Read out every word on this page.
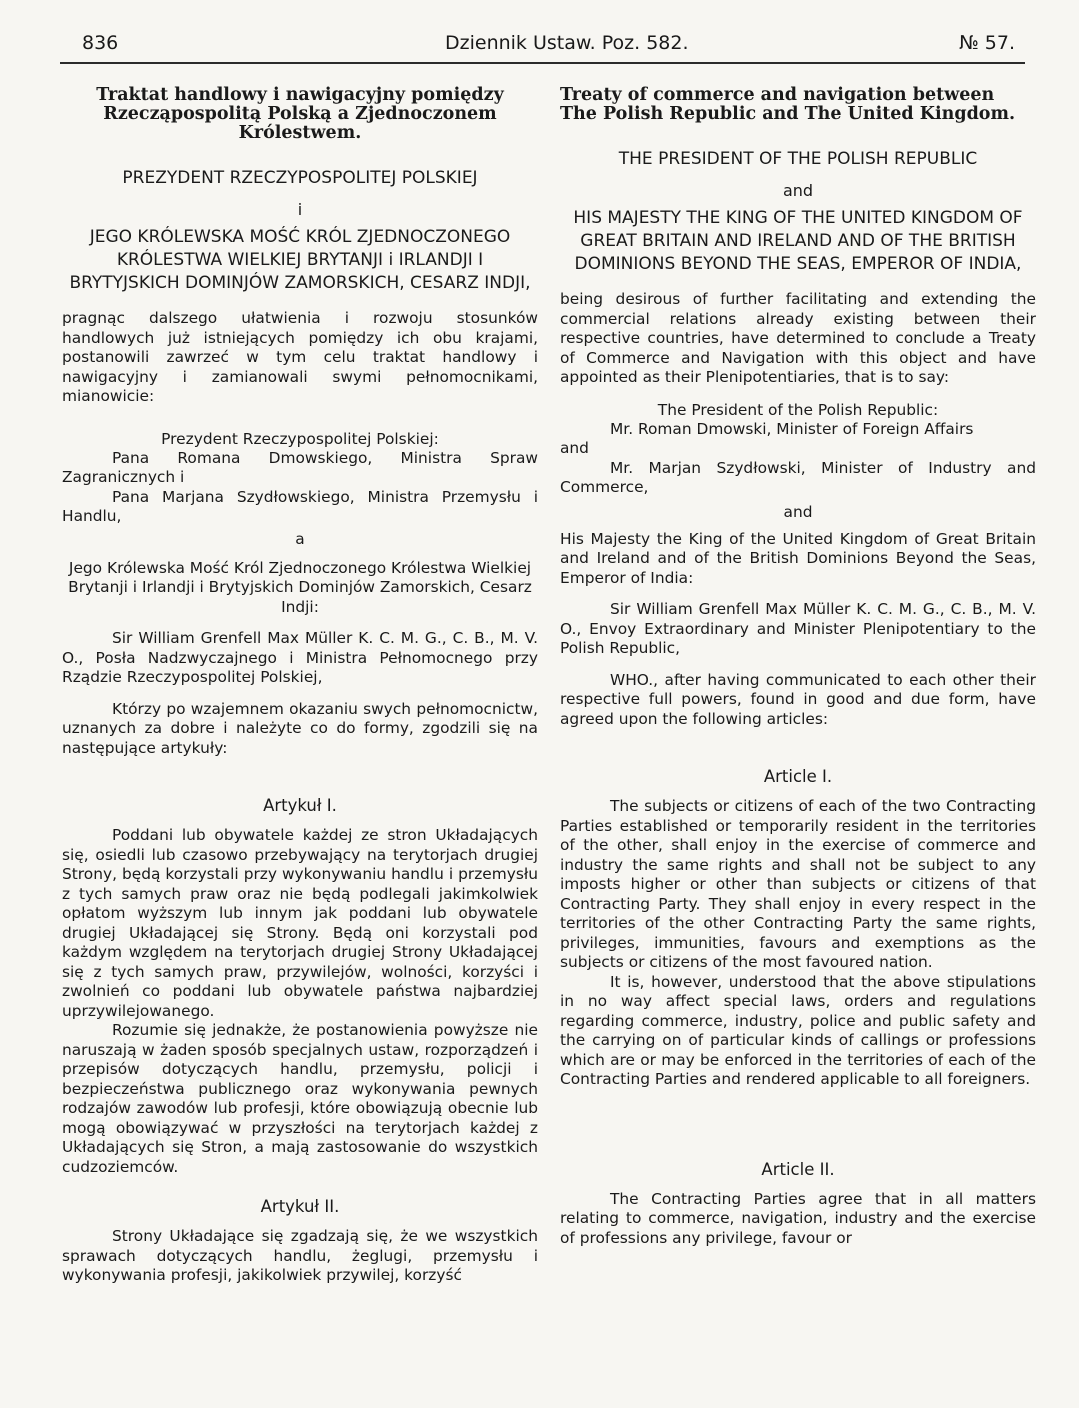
836	Dziennik Ustaw. Poz. 582.	№ 57.

Traktat handlowy i nawigacyjny pomiędzy Rzecząpospolitą Polską a Zjednoczonem Królestwem.

PREZYDENT RZECZYPOSPOLITEJ POLSKIEJ

i

JEGO KRÓLEWSKA MOŚĆ KRÓL ZJEDNOCZONEGO KRÓLESTWA WIELKIEJ BRYTANJI i IRLANDJI I BRYTYJSKICH DOMINJÓW ZAMORSKICH, CESARZ INDJI,

pragnąc dalszego ułatwienia i rozwoju stosunków handlowych już istniejących pomiędzy ich obu krajami, postanowili zawrzeć w tym celu traktat handlowy i nawigacyjny i zamianowali swymi pełnomocnikami, mianowicie:

Prezydent Rzeczypospolitej Polskiej:

Pana Romana Dmowskiego, Ministra Spraw Zagranicznych i

Pana Marjana Szydłowskiego, Ministra Przemysłu i Handlu,

a

Jego Królewska Mość Król Zjednoczonego Królestwa Wielkiej Brytanji i Irlandji i Brytyjskich Dominjów Zamorskich, Cesarz Indji:

Sir William Grenfell Max Müller K. C. M. G., C. B., M. V. O., Posła Nadzwyczajnego i Ministra Pełnomocnego przy Rządzie Rzeczypospolitej Polskiej,

Którzy po wzajemnem okazaniu swych pełnomocnictw, uznanych za dobre i należyte co do formy, zgodzili się na następujące artykuły:

Artykuł I.

Poddani lub obywatele każdej ze stron Układających się, osiedli lub czasowo przebywający na terytorjach drugiej Strony, będą korzystali przy wykonywaniu handlu i przemysłu z tych samych praw oraz nie będą podlegali jakimkolwiek opłatom wyższym lub innym jak poddani lub obywatele drugiej Układającej się Strony. Będą oni korzystali pod każdym względem na terytorjach drugiej Strony Układającej się z tych samych praw, przywilejów, wolności, korzyści i zwolnień co poddani lub obywatele państwa najbardziej uprzywilejowanego.

Rozumie się jednakże, że postanowienia powyższe nie naruszają w żaden sposób specjalnych ustaw, rozporządzeń i przepisów dotyczących handlu, przemysłu, policji i bezpieczeństwa publicznego oraz wykonywania pewnych rodzajów zawodów lub profesji, które obowiązują obecnie lub mogą obowiązywać w przyszłości na terytorjach każdej z Układających się Stron, a mają zastosowanie do wszystkich cudzoziemców.

Artykuł II.

Strony Układające się zgadzają się, że we wszystkich sprawach dotyczących handlu, żeglugi, przemysłu i wykonywania profesji, jakikolwiek przywilej, korzyść

Treaty of commerce and navigation between The Polish Republic and The United Kingdom.

THE PRESIDENT OF THE POLISH REPUBLIC

and

HIS MAJESTY THE KING OF THE UNITED KINGDOM OF GREAT BRITAIN AND IRELAND AND OF THE BRITISH DOMINIONS BEYOND THE SEAS, EMPEROR OF INDIA,

being desirous of further facilitating and extending the commercial relations already existing between their respective countries, have determined to conclude a Treaty of Commerce and Navigation with this object and have appointed as their Plenipotentiaries, that is to say:

The President of the Polish Republic:

Mr. Roman Dmowski, Minister of Foreign Affairs

and

Mr. Marjan Szydłowski, Minister of Industry and Commerce,

and

His Majesty the King of the United Kingdom of Great Britain and Ireland and of the British Dominions Beyond the Seas, Emperor of India:

Sir William Grenfell Max Müller K. C. M. G., C. B., M. V. O., Envoy Extraordinary and Minister Plenipotentiary to the Polish Republic,

WHO., after having communicated to each other their respective full powers, found in good and due form, have agreed upon the following articles:

Article I.

The subjects or citizens of each of the two Contracting Parties established or temporarily resident in the territories of the other, shall enjoy in the exercise of commerce and industry the same rights and shall not be subject to any imposts higher or other than subjects or citizens of that Contracting Party. They shall enjoy in every respect in the territories of the other Contracting Party the same rights, privileges, immunities, favours and exemptions as the subjects or citizens of the most favoured nation.

It is, however, understood that the above stipulations in no way affect special laws, orders and regulations regarding commerce, industry, police and public safety and the carrying on of particular kinds of callings or professions which are or may be enforced in the territories of each of the Contracting Parties and rendered applicable to all foreigners.

Article II.

The Contracting Parties agree that in all matters relating to commerce, navigation, industry and the exercise of professions any privilege, favour or
